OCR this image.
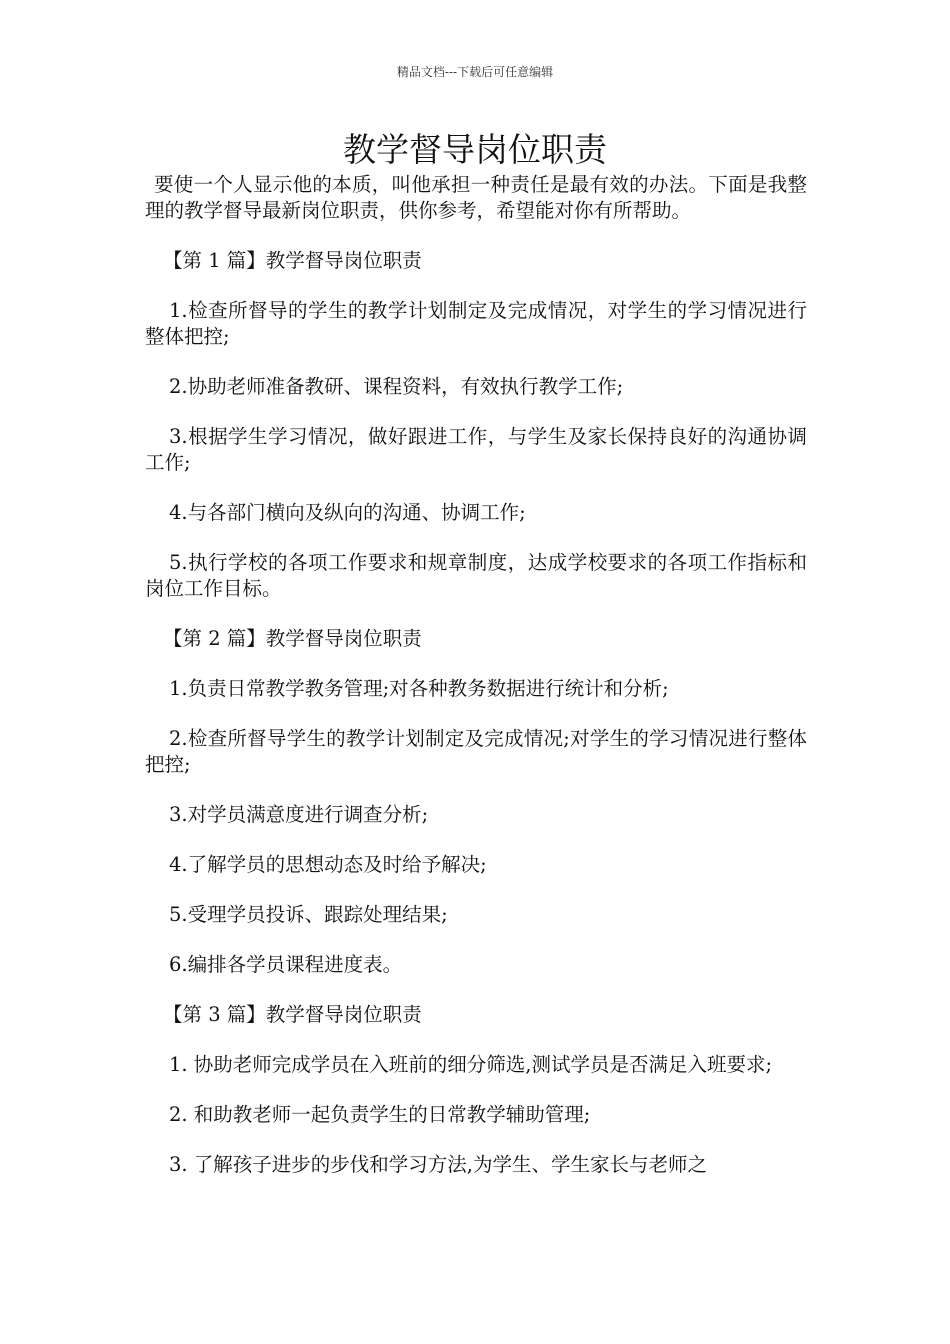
精品文档---下载后可任意编辑
教学督导岗位职责

要使一个人显示他的本质，叫他承担一种责任是最有效的办法。下面是我整理的教学督导最新岗位职责，供你参考，希望能对你有所帮助。

【第 1 篇】教学督导岗位职责

1.检查所督导的学生的教学计划制定及完成情况，对学生的学习情况进行整体把控;

2.协助老师准备教研、课程资料，有效执行教学工作;

3.根据学生学习情况，做好跟进工作，与学生及家长保持良好的沟通协调工作;

4.与各部门横向及纵向的沟通、协调工作;

5.执行学校的各项工作要求和规章制度，达成学校要求的各项工作指标和岗位工作目标。

【第 2 篇】教学督导岗位职责

1.负责日常教学教务管理;对各种教务数据进行统计和分析;

2.检查所督导学生的教学计划制定及完成情况;对学生的学习情况进行整体把控;

3.对学员满意度进行调查分析;

4.了解学员的思想动态及时给予解决;

5.受理学员投诉、跟踪处理结果;

6.编排各学员课程进度表。

【第 3 篇】教学督导岗位职责

1. 协助老师完成学员在入班前的细分筛选,测试学员是否满足入班要求;

2. 和助教老师一起负责学生的日常教学辅助管理;

3. 了解孩子进步的步伐和学习方法,为学生、学生家长与老师之
